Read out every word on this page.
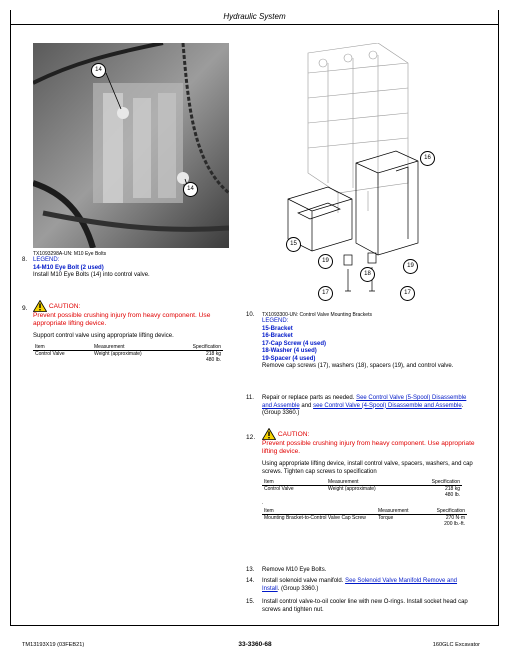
Hydraulic System
14
14
TX1093298A-UN: M10 Eye Bolts
16
15
19
18
19
17	17
8. LEGEND:
14-M10 Eye Bolt (2 used)
Install M10 Eye Bolts (14) into control valve.
9.	CAUTION:
Prevent possible crushing injury from heavy component. Use appropriate lifting device.
Support control valve using appropriate lifting device.
Item	Measurement	Specification
Control Valve	Weight (approximate)	218 kg
480 lb.
10. TX1093300-UN: Control Valve Mounting Brackets
LEGEND:
15-Bracket
16-Bracket
17-Cap Screw (4 used)
18-Washer (4 used)
19-Spacer (4 used)
Remove cap screws (17), washers (18), spacers (19), and control valve.
11. Repair or replace parts as needed. See Control Valve (5-Spool) Disassemble and Assemble and see Control Valve (4-Spool) Disassemble and Assemble. (Group 3360.)
12.	CAUTION:
Prevent possible crushing injury from heavy component. Use appropriate lifting device.
Using appropriate lifting device, install control valve, spacers, washers, and cap screws. Tighten cap screws to specification
Item	Measurement	Specification
Control Valve	Weight (approximate)	218 kg
480 lb.
.
Item	Measurement	Specification
Mounting Bracket-to-Control Valve Cap Screw	Torque	270 N·m
200 lb.-ft.
13. Remove M10 Eye Bolts.
14. Install solenoid valve manifold. See Solenoid Valve Manifold Remove and Install. (Group 3360.)
15. Install control valve-to-oil cooler line with new O-rings. Install socket head cap screws and tighten nut.
TM13193X19 (03FEB21)	33-3360-68	160GLC Excavator
